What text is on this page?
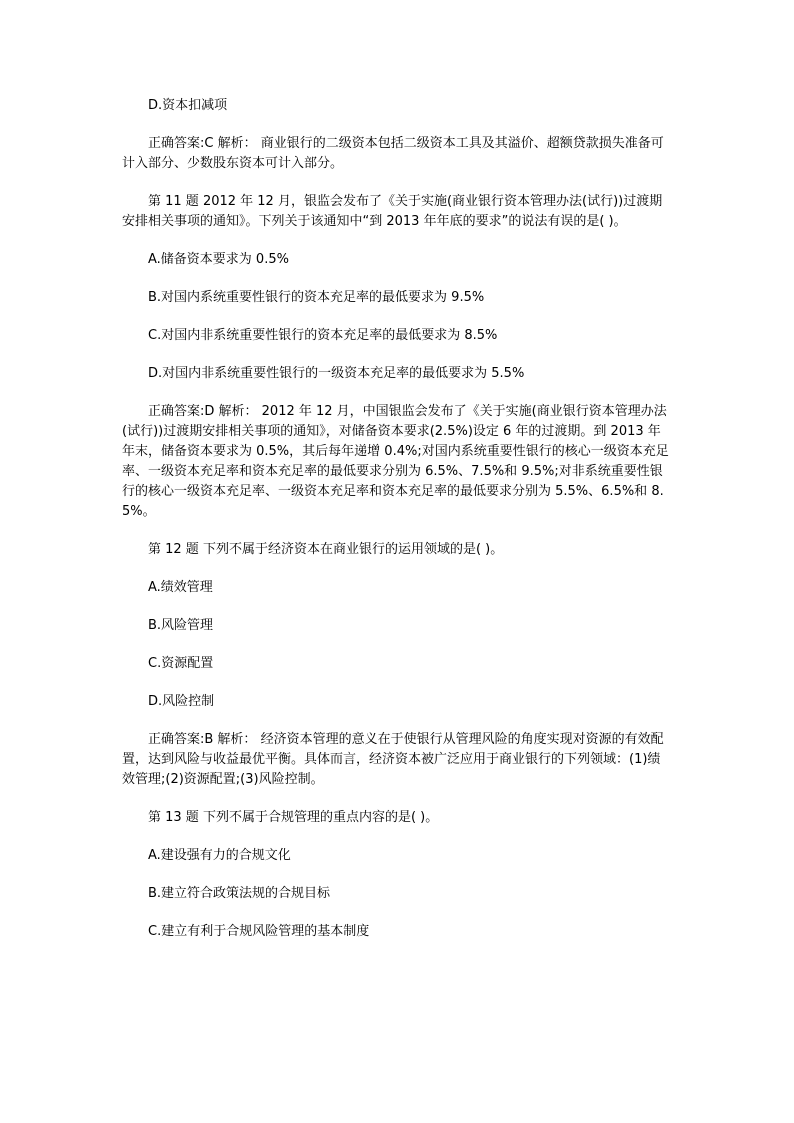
D.资本扣减项

正确答案:C 解析： 商业银行的二级资本包括二级资本工具及其溢价、超额贷款损失准备可计入部分、少数股东资本可计入部分。

第 11 题 2012 年 12 月，银监会发布了《关于实施(商业银行资本管理办法(试行))过渡期安排相关事项的通知》。下列关于该通知中“到 2013 年年底的要求”的说法有误的是( )。

A.储备资本要求为 0.5%

B.对国内系统重要性银行的资本充足率的最低要求为 9.5%

C.对国内非系统重要性银行的资本充足率的最低要求为 8.5%

D.对国内非系统重要性银行的一级资本充足率的最低要求为 5.5%

正确答案:D 解析： 2012 年 12 月，中国银监会发布了《关于实施(商业银行资本管理办法(试行))过渡期安排相关事项的通知》，对储备资本要求(2.5%)设定 6 年的过渡期。到 2013 年年末，储备资本要求为 0.5%，其后每年递增 0.4%;对国内系统重要性银行的核心一级资本充足率、一级资本充足率和资本充足率的最低要求分别为 6.5%、7.5%和 9.5%;对非系统重要性银行的核心一级资本充足率、一级资本充足率和资本充足率的最低要求分别为 5.5%、6.5%和 8.5%。

第 12 题 下列不属于经济资本在商业银行的运用领域的是( )。

A.绩效管理

B.风险管理

C.资源配置

D.风险控制

正确答案:B 解析： 经济资本管理的意义在于使银行从管理风险的角度实现对资源的有效配置，达到风险与收益最优平衡。具体而言，经济资本被广泛应用于商业银行的下列领域：(1)绩效管理;(2)资源配置;(3)风险控制。

第 13 题 下列不属于合规管理的重点内容的是( )。

A.建设强有力的合规文化

B.建立符合政策法规的合规目标

C.建立有利于合规风险管理的基本制度
